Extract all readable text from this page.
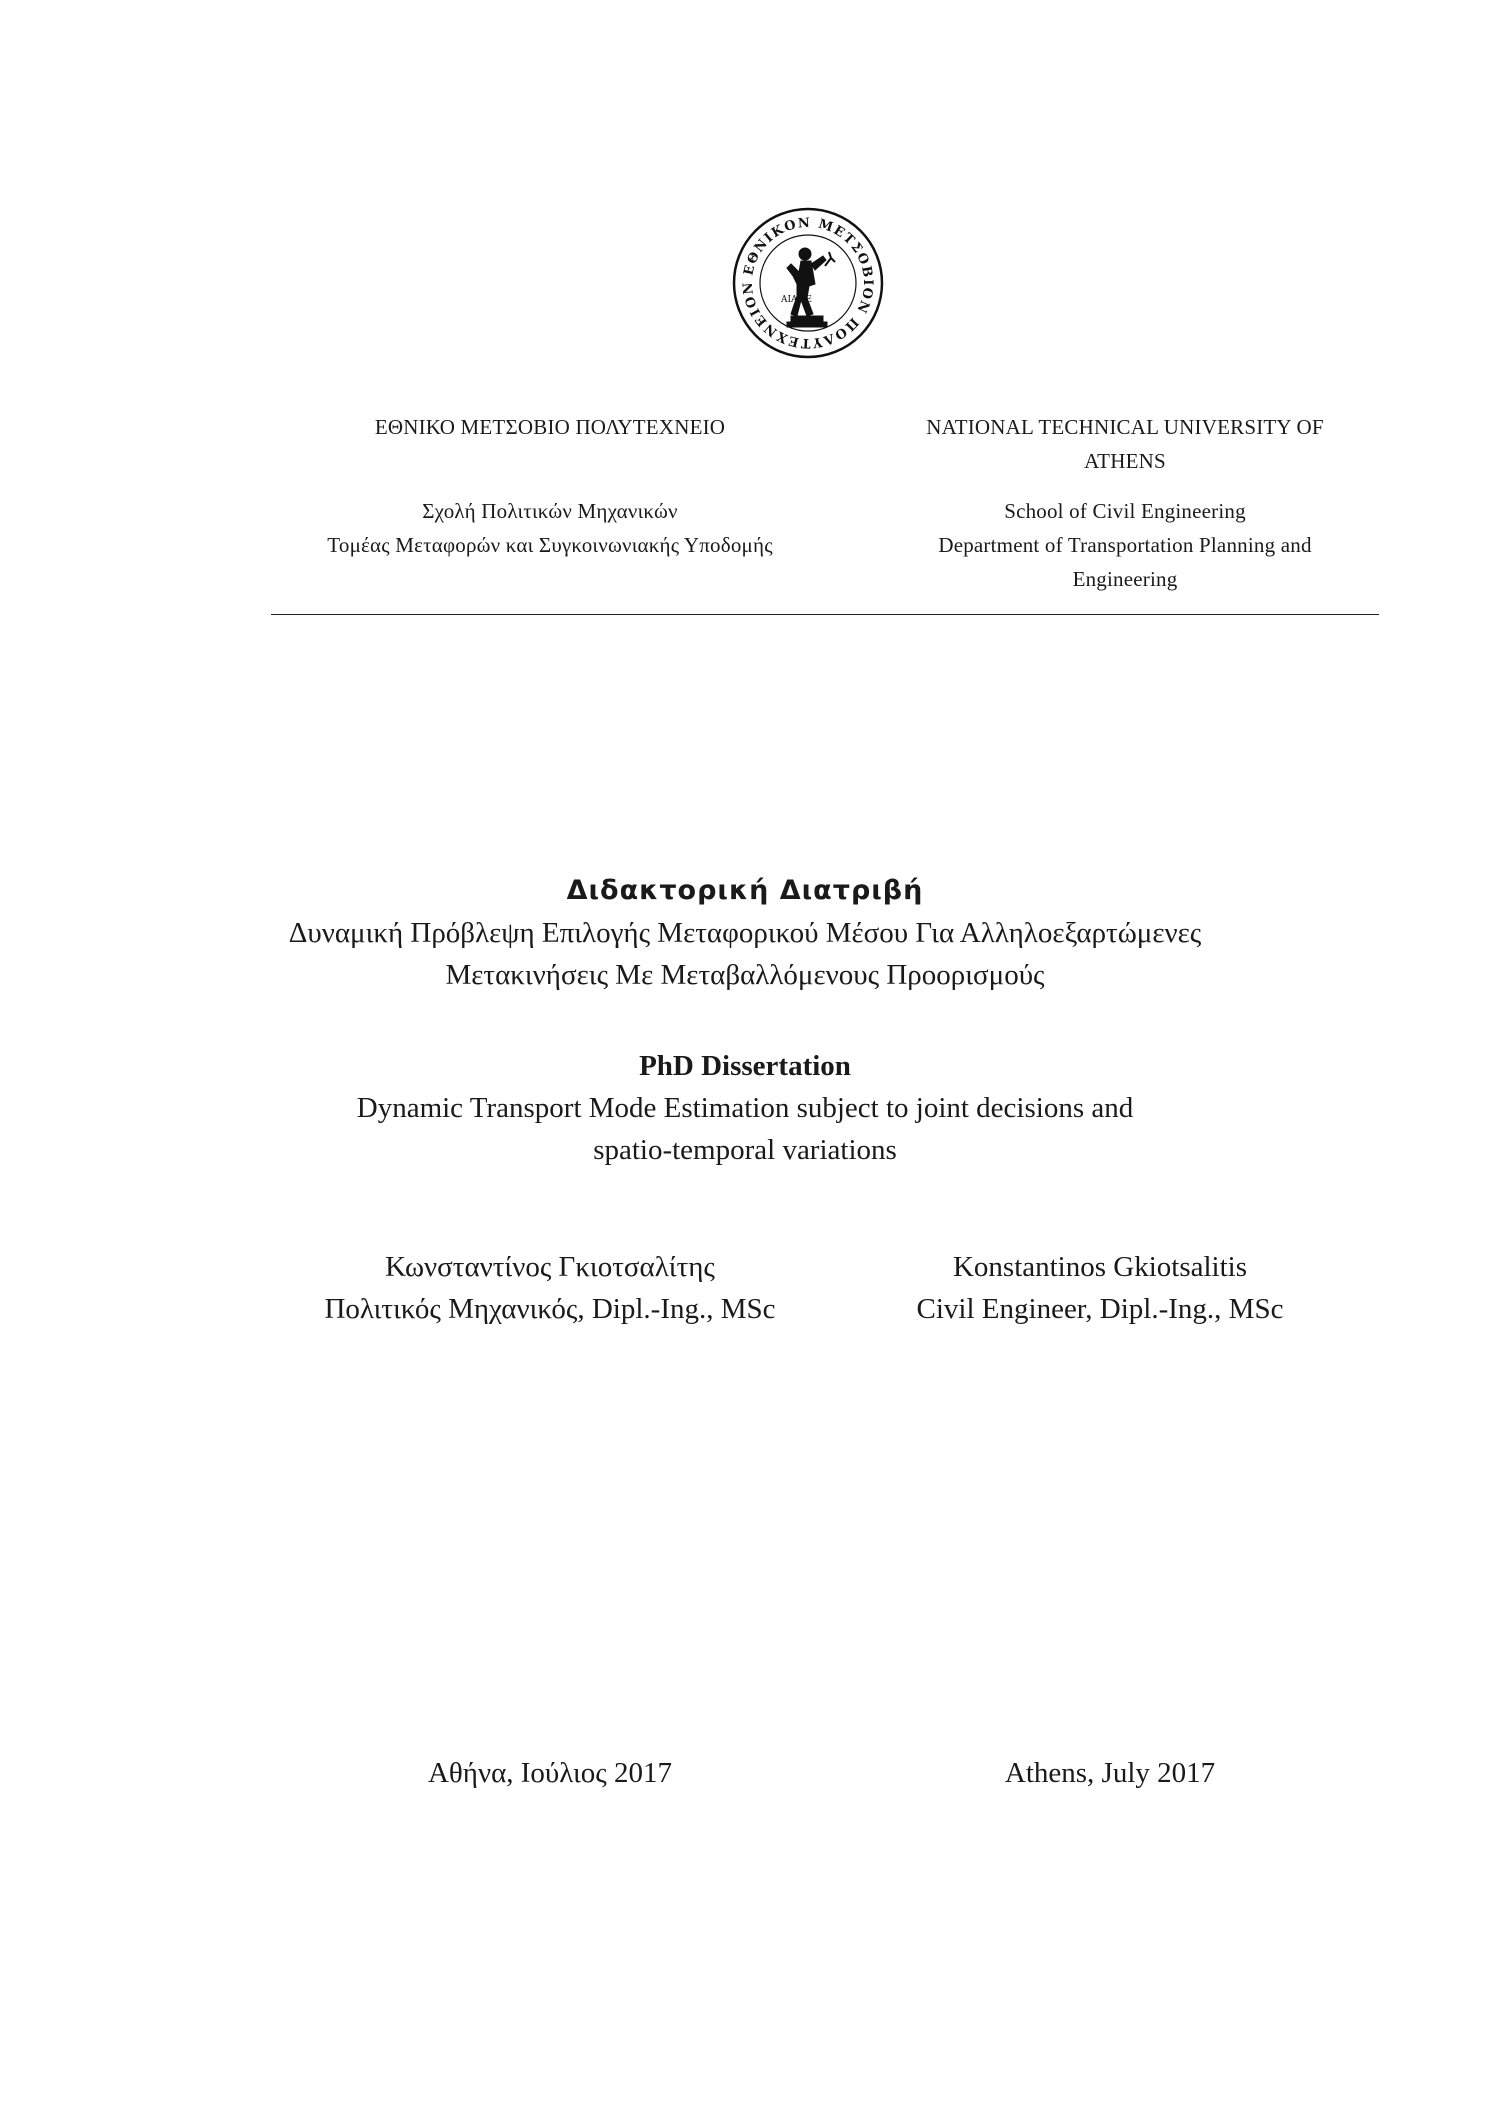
ΕΘΝΙΚΟΝ ΜΕΤΣΟΒΙΟΝ ΠΟΛΥΤΕΧΝΕΙΟΝ
ΑΙΑΠΕ
ΕΘΝΙΚΟ ΜΕΤΣΟΒΙΟ ΠΟΛΥΤΕΧΝΕΙΟ
Σχολή Πολιτικών Μηχανικών
Τομέας Μεταφορών και Συγκοινωνιακής Υποδομής
NATIONAL TECHNICAL UNIVERSITY OF
ATHENS
School of Civil Engineering
Department of Transportation Planning and
Engineering
Διδακτορική Διατριβή
Δυναμική Πρόβλεψη Επιλογής Μεταφορικού Μέσου Για Αλληλοεξαρτώμενες
Μετακινήσεις Με Μεταβαλλόμενους Προορισμούς
PhD Dissertation
Dynamic Transport Mode Estimation subject to joint decisions and
spatio-temporal variations
Κωνσταντίνος Γκιοτσαλίτης
Πολιτικός Μηχανικός, Dipl.-Ing., MSc
Konstantinos Gkiotsalitis
Civil Engineer, Dipl.-Ing., MSc
Αθήνα, Ιούλιος 2017	Athens, July 2017
